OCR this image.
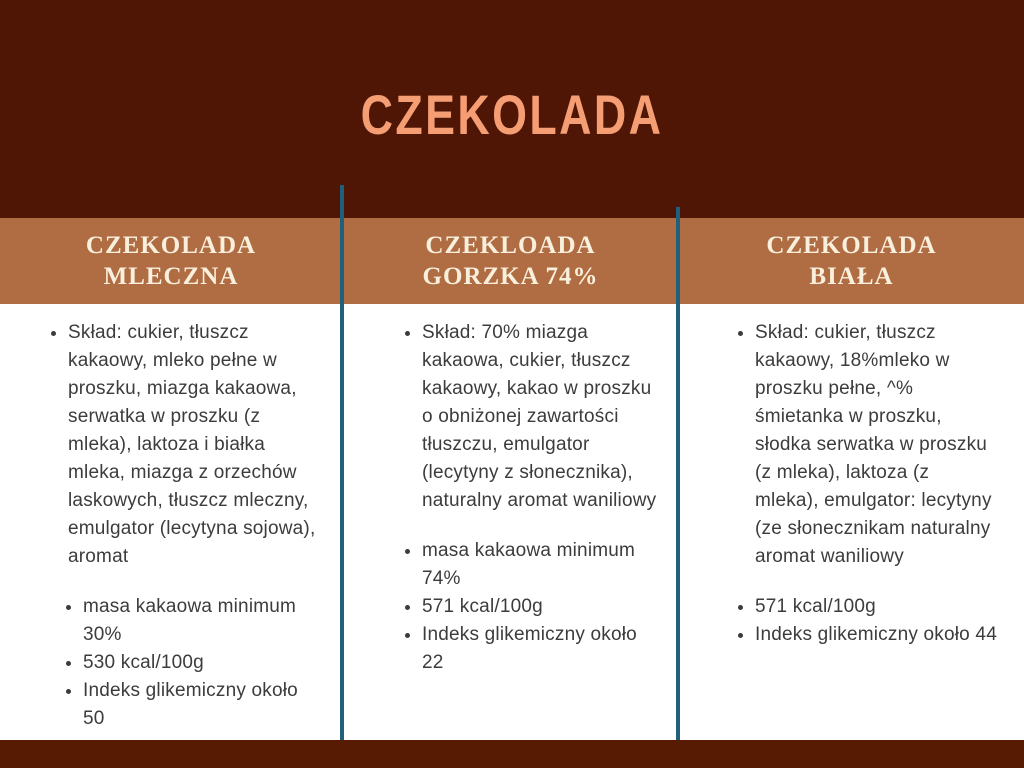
CZEKOLADA
CZEKOLADA
MLECZNA
CZEKLOADA
GORZKA 74%
CZEKOLADA
BIAŁA
• Skład: cukier, tłuszcz kakaowy, mleko pełne w proszku, miazga kakaowa, serwatka w proszku (z mleka), laktoza i białka mleka, miazga z orzechów laskowych, tłuszcz mleczny, emulgator (lecytyna sojowa), aromat
• masa kakaowa minimum 30%
• 530 kcal/100g
• Indeks glikemiczny około 50
• Skład: 70% miazga kakaowa, cukier, tłuszcz kakaowy, kakao w proszku o obniżonej zawartości tłuszczu, emulgator (lecytyny z słonecznika), naturalny aromat waniliowy
• masa kakaowa minimum 74%
• 571 kcal/100g
• Indeks glikemiczny około 22
• Skład: cukier, tłuszcz kakaowy, 18%mleko w proszku pełne, ^% śmietanka w proszku, słodka serwatka w proszku (z mleka), laktoza (z mleka), emulgator: lecytyny (ze słonecznikam naturalny aromat waniliowy
• 571 kcal/100g
• Indeks glikemiczny około 44
